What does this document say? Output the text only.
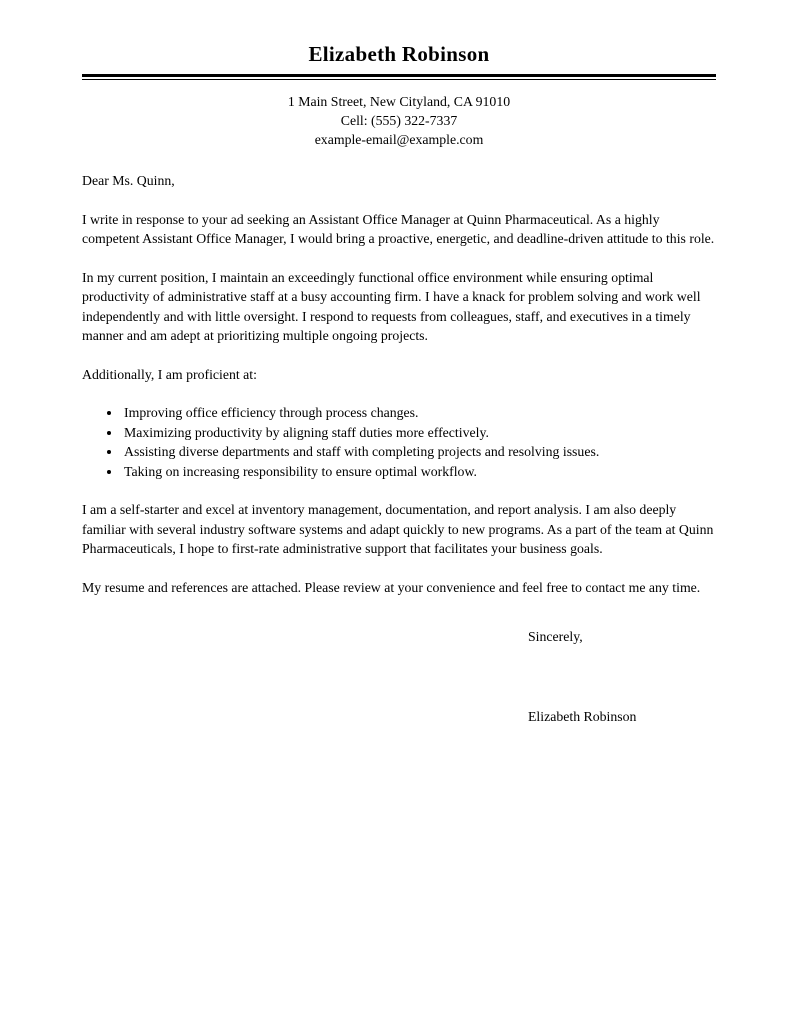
Elizabeth Robinson

1 Main Street, New Cityland, CA 91010

Cell: (555) 322-7337

example-email@example.com

Dear Ms. Quinn,

I write in response to your ad seeking an Assistant Office Manager at Quinn Pharmaceutical. As a highly competent Assistant Office Manager, I would bring a proactive, energetic, and deadline-driven attitude to this role.

In my current position, I maintain an exceedingly functional office environment while ensuring optimal productivity of administrative staff at a busy accounting firm. I have a knack for problem solving and work well independently and with little oversight. I respond to requests from colleagues, staff, and executives in a timely manner and am adept at prioritizing multiple ongoing projects.

Additionally, I am proficient at:

• Improving office efficiency through process changes.
• Maximizing productivity by aligning staff duties more effectively.
• Assisting diverse departments and staff with completing projects and resolving issues.
• Taking on increasing responsibility to ensure optimal workflow.

I am a self-starter and excel at inventory management, documentation, and report analysis. I am also deeply familiar with several industry software systems and adapt quickly to new programs. As a part of the team at Quinn Pharmaceuticals, I hope to first-rate administrative support that facilitates your business goals.

My resume and references are attached. Please review at your convenience and feel free to contact me any time.

Sincerely,

Elizabeth Robinson
